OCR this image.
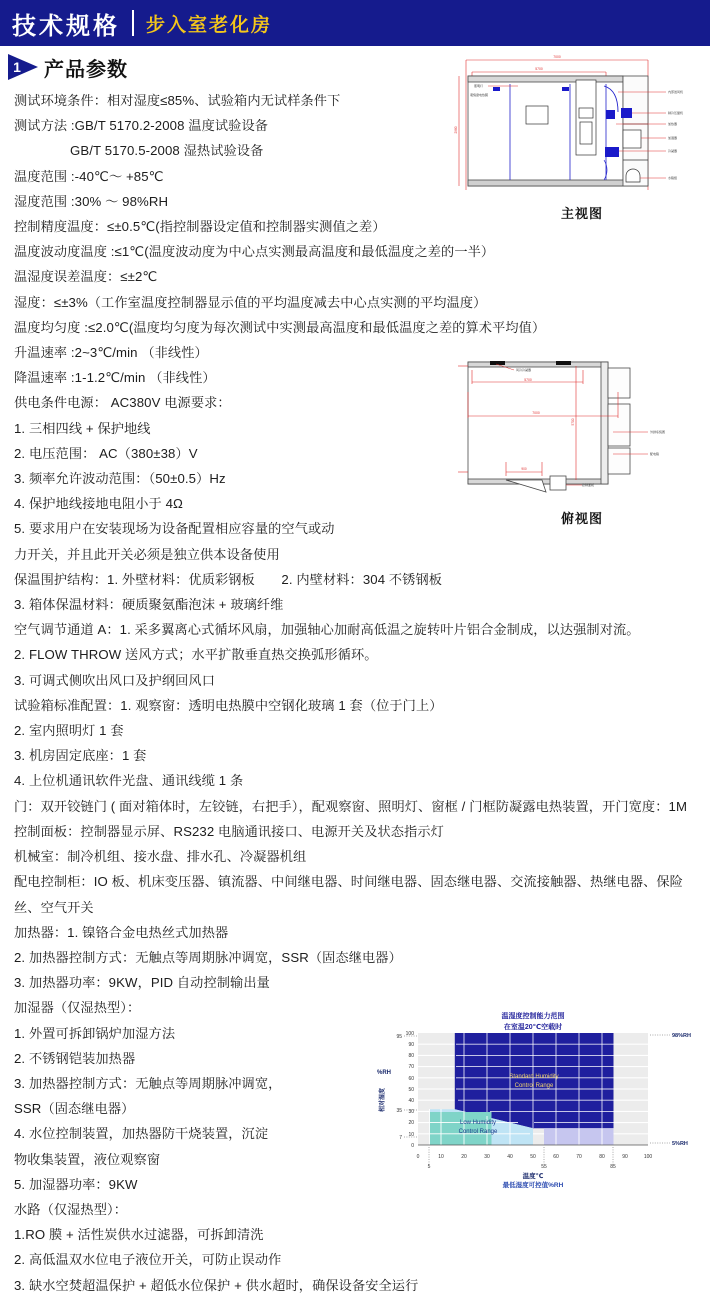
技术规格 步入室老化房
1 产品参数
测试环境条件：相对湿度≤85%、试验箱内无试样条件下
测试方法 :GB/T 5170.2-2008 温度试验设备
GB/T 5170.5-2008 湿热试验设备
温度范围 :-40℃～ +85℃
湿度范围 :30% ～ 98%RH
控制精度温度：≤±0.5℃(指控制器设定值和控制器实测值之差）
温度波动度温度 :≤1℃(温度波动度为中心点实测最高温度和最低温度之差的一半）
温湿度误差温度：≤±2℃
湿度：≤±3%（工作室温度控制器显示值的平均温度减去中心点实测的平均温度）
温度均匀度 :≤2.0℃(温度均匀度为每次测试中实测最高温度和最低温度之差的算术平均值）
升温速率 :2~3℃/min （非线性）
降温速率 :1-1.2℃/min （非线性）
供电条件电源： AC380V 电源要求：
1. 三相四线 + 保护地线
2. 电压范围： AC（380±38）V
3. 频率允许波动范围：（50±0.5）Hz
4. 保护地线接地电阻小于 4Ω
5. 要求用户在安装现场为设备配置相应容量的空气或动
力开关，并且此开关必须是独立供本设备使用
保温围护结构：1. 外壁材料：优质彩钢板　　2. 内壁材料：304 不锈钢板
3. 箱体保温材料：硬质聚氨酯泡沫 + 玻璃纤维
空气调节通道 A：1. 采多翼离心式循坏风扇，加强轴心加耐高低温之旋转叶片铝合金制成，以达强制对流。
2. FLOW THROW 送风方式；水平扩散垂直热交换弧形循环。
3. 可调式侧吹出风口及护纲回风口
试验箱标准配置：1. 观察窗：透明电热膜中空钢化玻璃 1 套（位于门上）
2. 室内照明灯 1 套
3. 机房固定底座：1 套
4. 上位机通讯软件光盘、通讯线缆 1 条
门：双开铰链门 ( 面对箱体时，左铰链，右把手），配观察窗、照明灯、窗框 / 门框防凝露电热装置，开门宽度：1M
控制面板：控制器显示屏、RS232 电脑通讯接口、电源开关及状态指示灯
机械室：制冷机组、接水盘、排水孔、冷凝器机组
配电控制柜：IO 板、机床变压器、镇流器、中间继电器、时间继电器、固态继电器、交流接触器、热继电器、保险丝、空气开关
加热器：1. 镍铬合金电热丝式加热器
2. 加热器控制方式：无触点等周期脉冲调宽，SSR（固态继电器）
3. 加热器功率：9KW，PID 自动控制输出量
加湿器（仅湿热型）：
1. 外置可拆卸锅炉加湿方法
2. 不锈钢铠装加热器
3. 加热器控制方式：无触点等周期脉冲调宽，
SSR（固态继电器）
4. 水位控制装置，加热器防干烧装置，沉淀
物收集装置，液位观察窗
5. 加湿器功率：9KW
水路（仅湿热型）：
1.RO 膜 + 活性炭供水过滤器，可拆卸清洗
2. 高低温双水位电子液位开关，可防止误动作
3. 缺水空焚超温保护 + 超低水位保护 + 供水超时，确保设备安全运行
7000
5700
2980
内部送风机
制冷压缩机
加热器
加湿器
冷凝器
水箱组
照明灯
观察窗电热膜
主视图
5700
7000
5700
900
外排系统图
配电箱
风冷冷凝器
控制面板
俯视图
温湿度控制能力范围
在室温20℃空载时
Standard Humidity
Control Range
Low Humidity
Control Range
100
90
80
70
60
50
40
30
20
10
0
95
35
7
%RH
相对湿度
0	10	20	30	40	50	60	70	80	90	100
5	55	85
温度℃
最低湿度可控值%RH
98%RH
5%RH
